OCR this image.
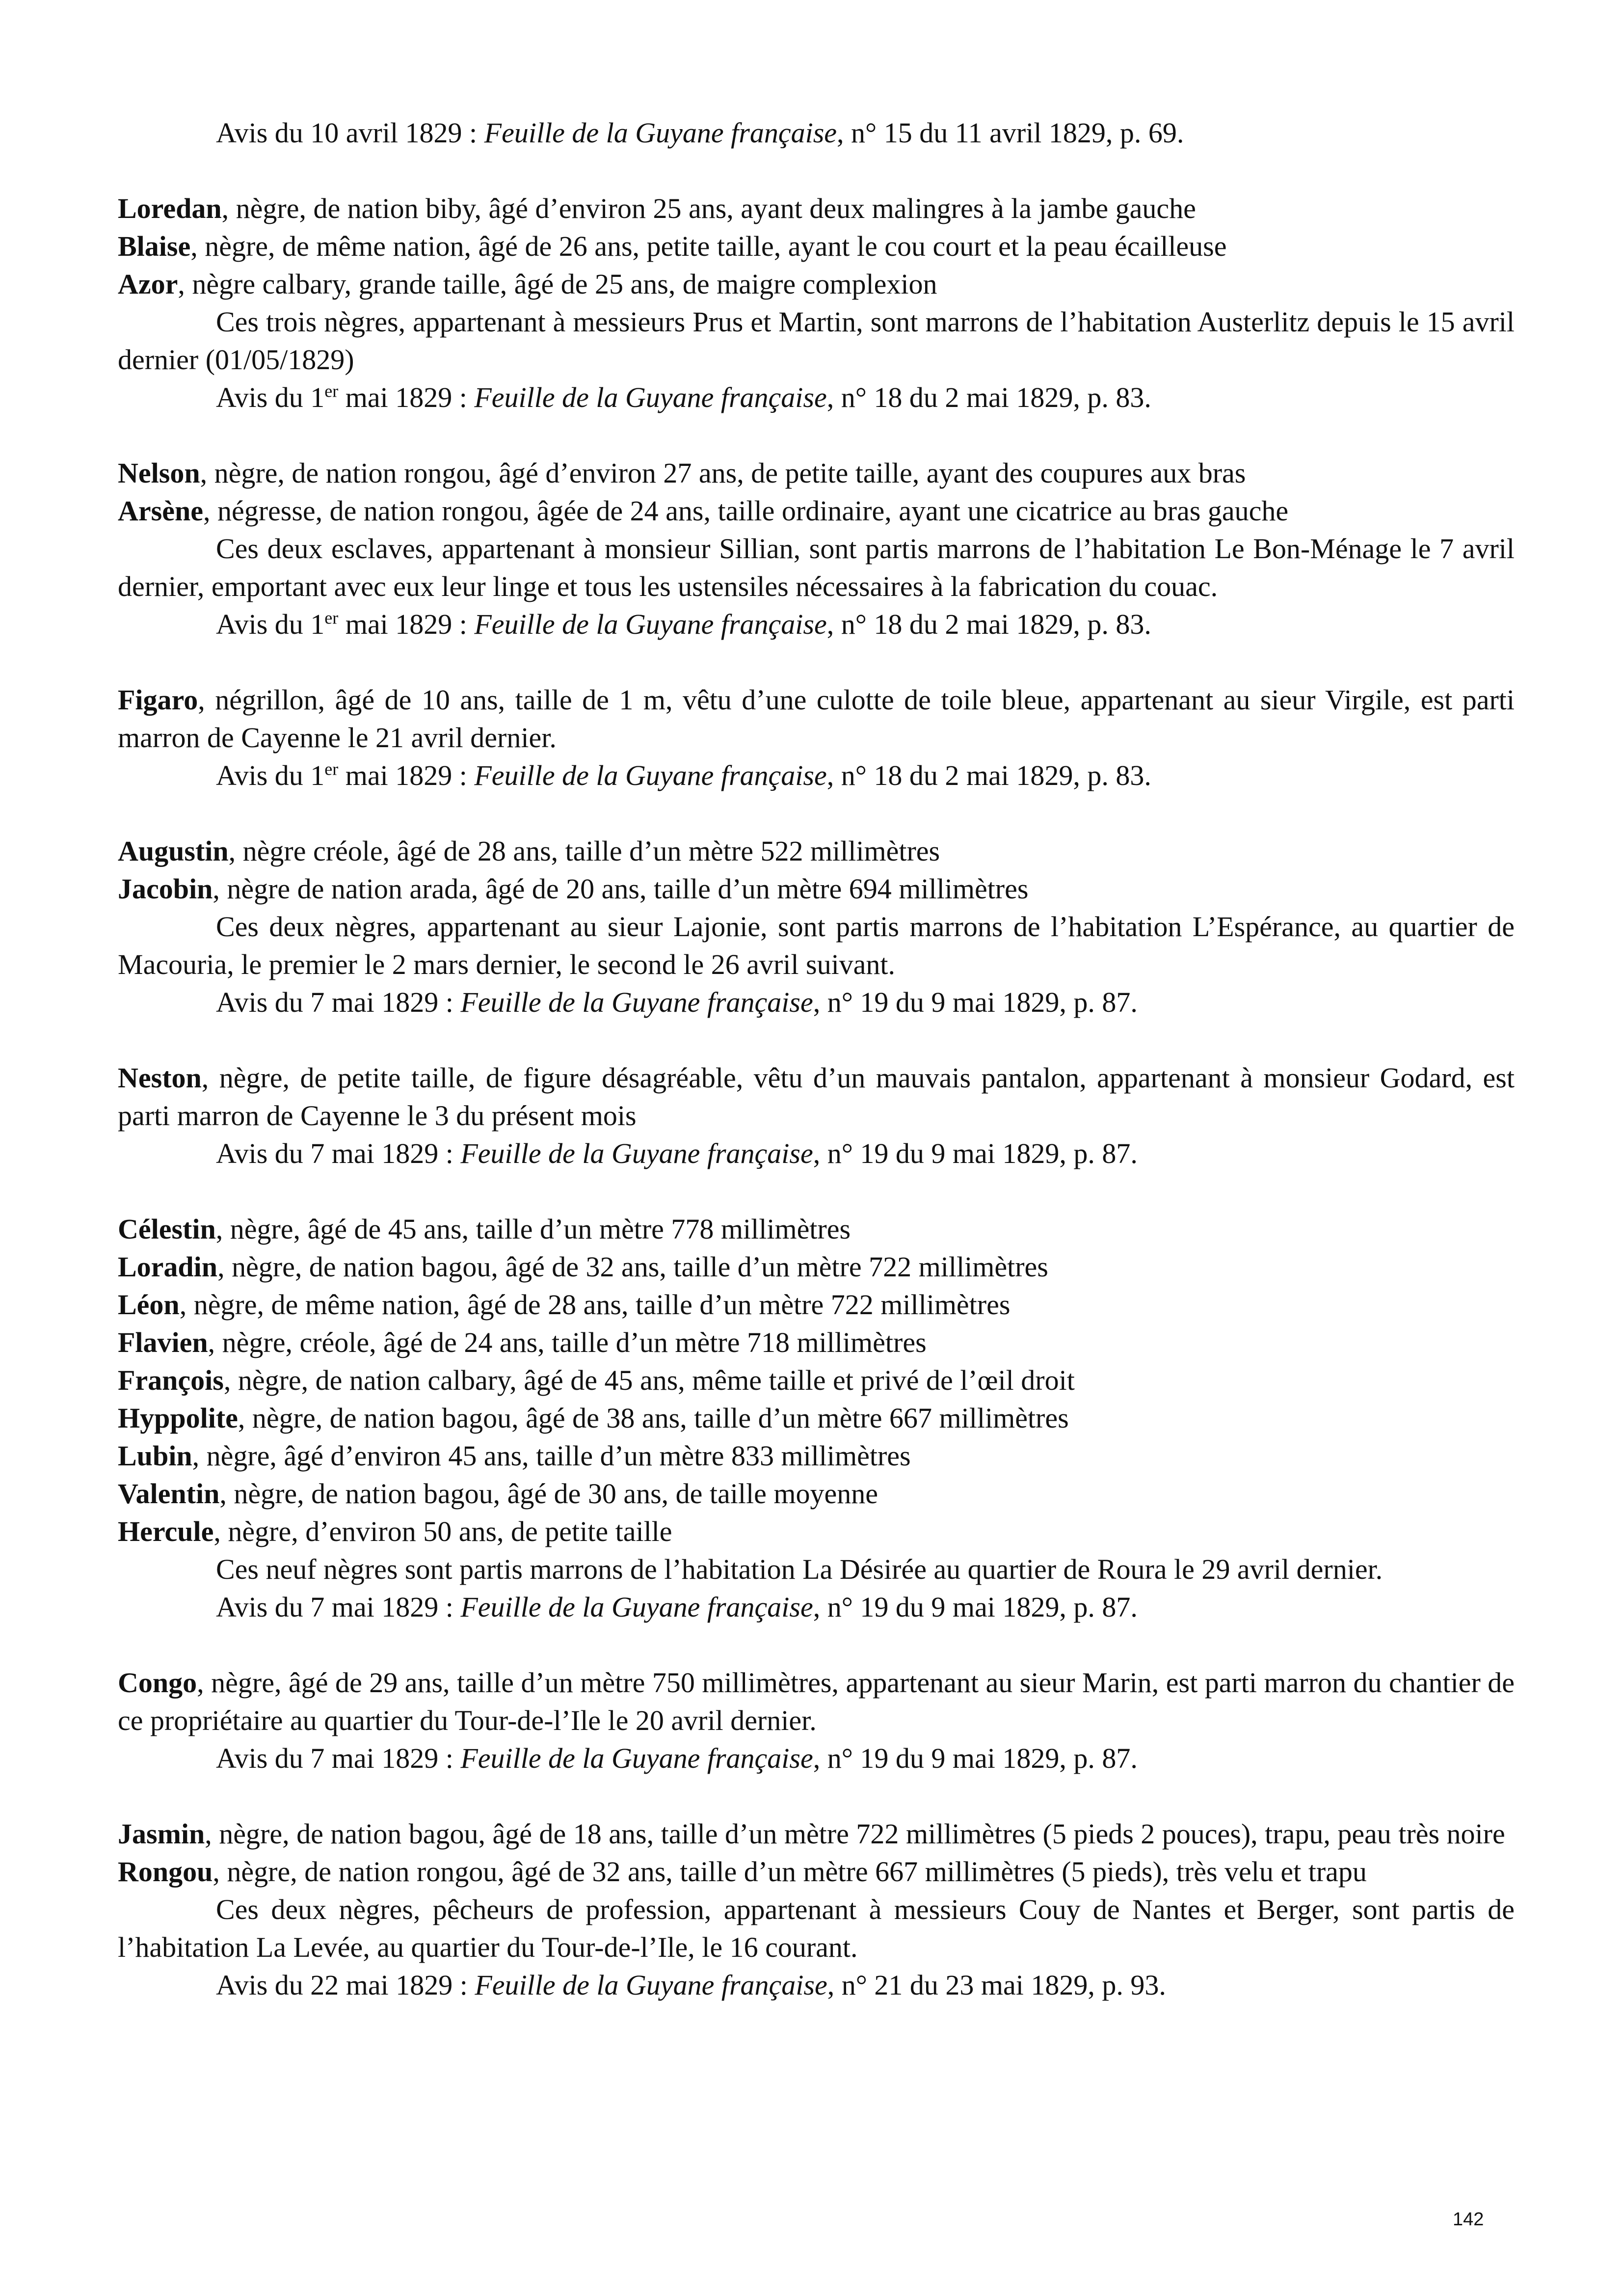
Avis du 10 avril 1829 : Feuille de la Guyane française, n° 15 du 11 avril 1829, p. 69.
Loredan, nègre, de nation biby, âgé d’environ 25 ans, ayant deux malingres à la jambe gauche
Blaise, nègre, de même nation, âgé de 26 ans, petite taille, ayant le cou court et la peau écailleuse
Azor, nègre calbary, grande taille, âgé de 25 ans, de maigre complexion
Ces trois nègres, appartenant à messieurs Prus et Martin, sont marrons de l’habitation Austerlitz depuis le 15 avril dernier (01/05/1829)
Avis du 1er mai 1829 : Feuille de la Guyane française, n° 18 du 2 mai 1829, p. 83.
Nelson, nègre, de nation rongou, âgé d’environ 27 ans, de petite taille, ayant des coupures aux bras
Arsène, négresse, de nation rongou, âgée de 24 ans, taille ordinaire, ayant une cicatrice au bras gauche
Ces deux esclaves, appartenant à monsieur Sillian, sont partis marrons de l’habitation Le Bon-Ménage le 7 avril dernier, emportant avec eux leur linge et tous les ustensiles nécessaires à la fabrication du couac.
Avis du 1er mai 1829 : Feuille de la Guyane française, n° 18 du 2 mai 1829, p. 83.
Figaro, négrillon, âgé de 10 ans, taille de 1 m, vêtu d’une culotte de toile bleue, appartenant au sieur Virgile, est parti marron de Cayenne le 21 avril dernier.
Avis du 1er mai 1829 : Feuille de la Guyane française, n° 18 du 2 mai 1829, p. 83.
Augustin, nègre créole, âgé de 28 ans, taille d’un mètre 522 millimètres
Jacobin, nègre de nation arada, âgé de 20 ans, taille d’un mètre 694 millimètres
Ces deux nègres, appartenant au sieur Lajonie, sont partis marrons de l’habitation L’Espérance, au quartier de Macouria, le premier le 2 mars dernier, le second le 26 avril suivant.
Avis du 7 mai 1829 : Feuille de la Guyane française, n° 19 du 9 mai 1829, p. 87.
Neston, nègre, de petite taille, de figure désagréable, vêtu d’un mauvais pantalon, appartenant à monsieur Godard, est parti marron de Cayenne le 3 du présent mois
Avis du 7 mai 1829 : Feuille de la Guyane française, n° 19 du 9 mai 1829, p. 87.
Célestin, nègre, âgé de 45 ans, taille d’un mètre 778 millimètres
Loradin, nègre, de nation bagou, âgé de 32 ans, taille d’un mètre 722 millimètres
Léon, nègre, de même nation, âgé de 28 ans, taille d’un mètre 722 millimètres
Flavien, nègre, créole, âgé de 24 ans, taille d’un mètre 718 millimètres
François, nègre, de nation calbary, âgé de 45 ans, même taille et privé de l’œil droit
Hyppolite, nègre, de nation bagou, âgé de 38 ans, taille d’un mètre 667 millimètres
Lubin, nègre, âgé d’environ 45 ans, taille d’un mètre 833 millimètres
Valentin, nègre, de nation bagou, âgé de 30 ans, de taille moyenne
Hercule, nègre, d’environ 50 ans, de petite taille
Ces neuf nègres sont partis marrons de l’habitation La Désirée au quartier de Roura le 29 avril dernier.
Avis du 7 mai 1829 : Feuille de la Guyane française, n° 19 du 9 mai 1829, p. 87.
Congo, nègre, âgé de 29 ans, taille d’un mètre 750 millimètres, appartenant au sieur Marin, est parti marron du chantier de ce propriétaire au quartier du Tour-de-l’Ile le 20 avril dernier.
Avis du 7 mai 1829 : Feuille de la Guyane française, n° 19 du 9 mai 1829, p. 87.
Jasmin, nègre, de nation bagou, âgé de 18 ans, taille d’un mètre 722 millimètres (5 pieds 2 pouces), trapu, peau très noire
Rongou, nègre, de nation rongou, âgé de 32 ans, taille d’un mètre 667 millimètres (5 pieds), très velu et trapu
Ces deux nègres, pêcheurs de profession, appartenant à messieurs Couy de Nantes et Berger, sont partis de l’habitation La Levée, au quartier du Tour-de-l’Ile, le 16 courant.
Avis du 22 mai 1829 : Feuille de la Guyane française, n° 21 du 23 mai 1829, p. 93.
142
